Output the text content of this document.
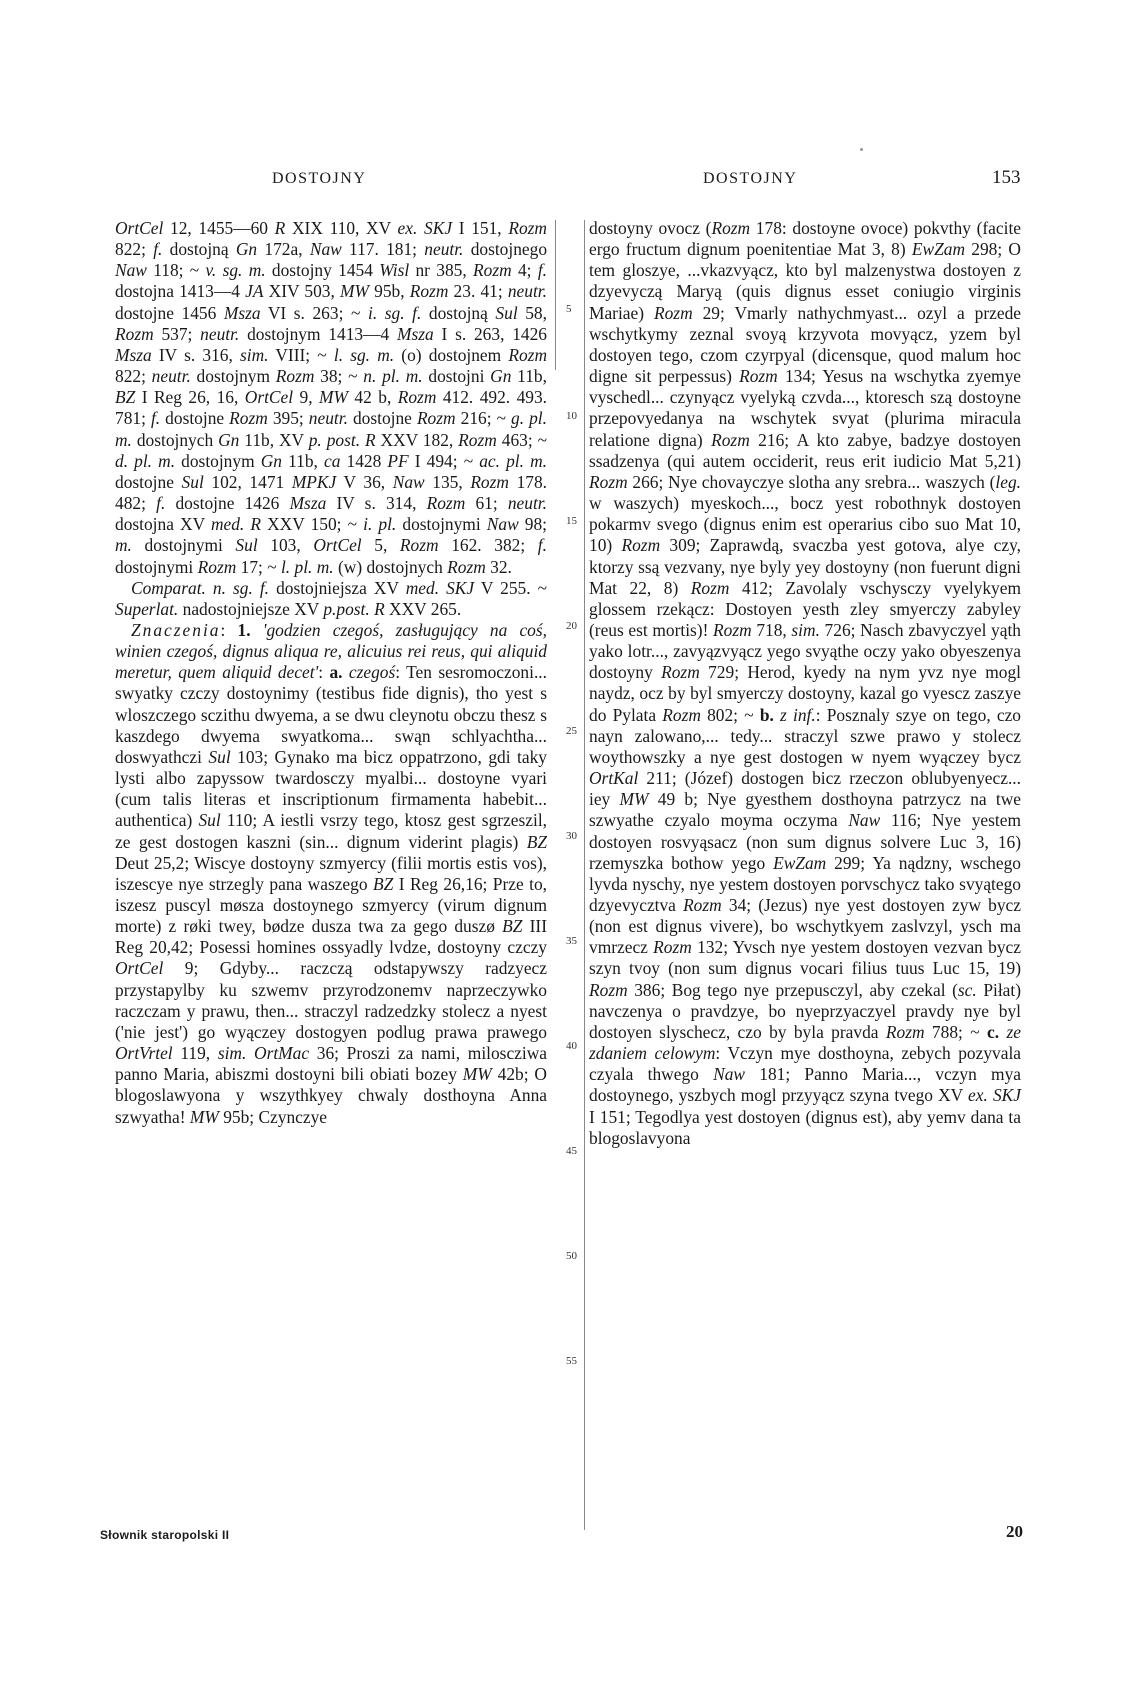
DOSTOJNY	DOSTOJNY	153
5
10
15
20
25
30
35
40
45
50
55

OrtCel 12, 1455—60 R XIX 110, XV ex. SKJ I 151, Rozm 822; f. dostojną Gn 172a, Naw 117. 181; neutr. dostojnego Naw 118; ~ v. sg. m. dostojny 1454 Wisl nr 385, Rozm 4; f. dostojna 1413—4 JA XIV 503, MW 95b, Rozm 23. 41; neutr. dostojne 1456 Msza VI s. 263; ~ i. sg. f. dostojną Sul 58, Rozm 537; neutr. dostojnym 1413—4 Msza I s. 263, 1426 Msza IV s. 316, sim. VIII; ~ l. sg. m. (o) dostojnem Rozm 822; neutr. dostojnym Rozm 38; ~ n. pl. m. dostojni Gn 11b, BZ I Reg 26, 16, OrtCel 9, MW 42 b, Rozm 412. 492. 493. 781; f. dostojne Rozm 395; neutr. dostojne Rozm 216; ~ g. pl. m. dostojnych Gn 11b, XV p. post. R XXV 182, Rozm 463; ~ d. pl. m. dostojnym Gn 11b, ca 1428 PF I 494; ~ ac. pl. m. dostojne Sul 102, 1471 MPKJ V 36, Naw 135, Rozm 178. 482; f. dostojne 1426 Msza IV s. 314, Rozm 61; neutr. dostojna XV med. R XXV 150; ~ i. pl. dostojnymi Naw 98; m. dostojnymi Sul 103, OrtCel 5, Rozm 162. 382; f. dostojnymi Rozm 17; ~ l. pl. m. (w) dostojnych Rozm 32.

Comparat. n. sg. f. dostojniejsza XV med. SKJ V 255. ~ Superlat. nadostojniejsze XV p.post. R XXV 265.

Znaczenia: 1. 'godzien czegoś, zasługujący na coś, winien czegoś, dignus aliqua re, alicuius rei reus, qui aliquid meretur, quem aliquid decet': a. czegoś: Ten sesromoczoni... swyatky czczy dostoynimy (testibus fide dignis), tho yest s wloszczego sczithu dwyema, a se dwu cleynotu obczu thesz s kaszdego dwyema swyatkoma... swąn schlyachtha... doswyathczi Sul 103; Gynako ma bicz oppatrzono, gdi taky lysti albo zapyssow twardosczy myalbi... dostoyne vyari (cum talis literas et inscriptionum firmamenta habebit... authentica) Sul 110; A iestli vsrzy tego, ktosz gest sgrzeszil, ze gest dostogen kaszni (sin... dignum viderint plagis) BZ Deut 25,2; Wiscye dostoyny szmyercy (filii mortis estis vos), iszescye nye strzegly pana waszego BZ I Reg 26,16; Prze to, iszesz puscyl møsza dostoynego szmyercy (virum dignum morte) z røki twey, bødze dusza twa za gego duszø BZ III Reg 20,42; Posessi homines ossyadly lvdze, dostoyny czczy OrtCel 9; Gdyby... raczczą odstapywszy radzyecz przystapylby ku szwemv przyrodzonemv naprzeczywko raczczam y prawu, then... straczyl radzedzky stolecz a nyest ('nie jest') go wyączey dostogyen podlug prawa prawego OrtVrtel 119, sim. OrtMac 36; Proszi za nami, miloscziwa panno Maria, abiszmi dostoyni bili obiati bozey MW 42b; O blogoslawyona y wszythkyey chwaly dosthoyna Anna szwyatha! MW 95b; Czynczye

dostoyny ovocz (Rozm 178: dostoyne ovoce) pokvthy (facite ergo fructum dignum poenitentiae Mat 3, 8) EwZam 298; O tem gloszye, ...vkazvyącz, kto byl malzenystwa dostoyen z dzyevyczą Maryą (quis dignus esset coniugio virginis Mariae) Rozm 29; Vmarly nathychmyast... ozyl a przede wschytkymy zeznal svoyą krzyvota movyącz, yzem byl dostoyen tego, czom czyrpyal (dicensque, quod malum hoc digne sit perpessus) Rozm 134; Yesus na wschytka zyemye vyschedl... czynyącz vyelyką czvda..., ktoresch szą dostoyne przepovyedanya na wschytek svyat (plurima miracula relatione digna) Rozm 216; A kto zabye, badzye dostoyen ssadzenya (qui autem occiderit, reus erit iudicio Mat 5,21) Rozm 266; Nye chovayczye slotha any srebra... waszych (leg. w waszych) myeskoch..., bocz yest robothnyk dostoyen pokarmv svego (dignus enim est operarius cibo suo Mat 10, 10) Rozm 309; Zaprawdą, svaczba yest gotova, alye czy, ktorzy ssą vezvany, nye byly yey dostoyny (non fuerunt digni Mat 22, 8) Rozm 412; Zavolaly vschysczy vyelykyem glossem rzekącz: Dostoyen yesth zley smyerczy zabyley (reus est mortis)! Rozm 718, sim. 726; Nasch zbavyczyel yąth yako lotr..., zavyązvyącz yego svyąthe oczy yako obyeszenya dostoyny Rozm 729; Herod, kyedy na nym yvz nye mogl naydz, ocz by byl smyerczy dostoyny, kazal go vyescz zaszye do Pylata Rozm 802; ~ b. z inf.: Posznaly szye on tego, czo nayn zalowano,... tedy... straczyl szwe prawo y stolecz woythowszky a nye gest dostogen w nyem wyączey bycz OrtKal 211; (Józef) dostogen bicz rzeczon oblubyenyecz... iey MW 49 b; Nye gyesthem dosthoyna patrzycz na twe szwyathe czyalo moyma oczyma Naw 116; Nye yestem dostoyen rosvyąsacz (non sum dignus solvere Luc 3, 16) rzemyszka bothow yego EwZam 299; Ya nądzny, wschego lyvda nyschy, nye yestem dostoyen porvschycz tako svyątego dzyevycztva Rozm 34; (Jezus) nye yest dostoyen zyw bycz (non est dignus vivere), bo wschytkyem zaslvzyl, ysch ma vmrzecz Rozm 132; Yvsch nye yestem dostoyen vezvan bycz szyn tvoy (non sum dignus vocari filius tuus Luc 15, 19) Rozm 386; Bog tego nye przepusczyl, aby czekal (sc. Piłat) navczenya o pravdzye, bo nyeprzyaczyel pravdy nye byl dostoyen slyschecz, czo by byla pravda Rozm 788; ~ c. ze zdaniem celowym: Vczyn mye dosthoyna, zebych pozyvala czyala thwego Naw 181; Panno Maria..., vczyn mya dostoynego, yszbych mogl przyyącz szyna tvego XV ex. SKJ I 151; Tegodlya yest dostoyen (dignus est), aby yemv dana ta blogoslavyona

Słownik staropolski II	20
